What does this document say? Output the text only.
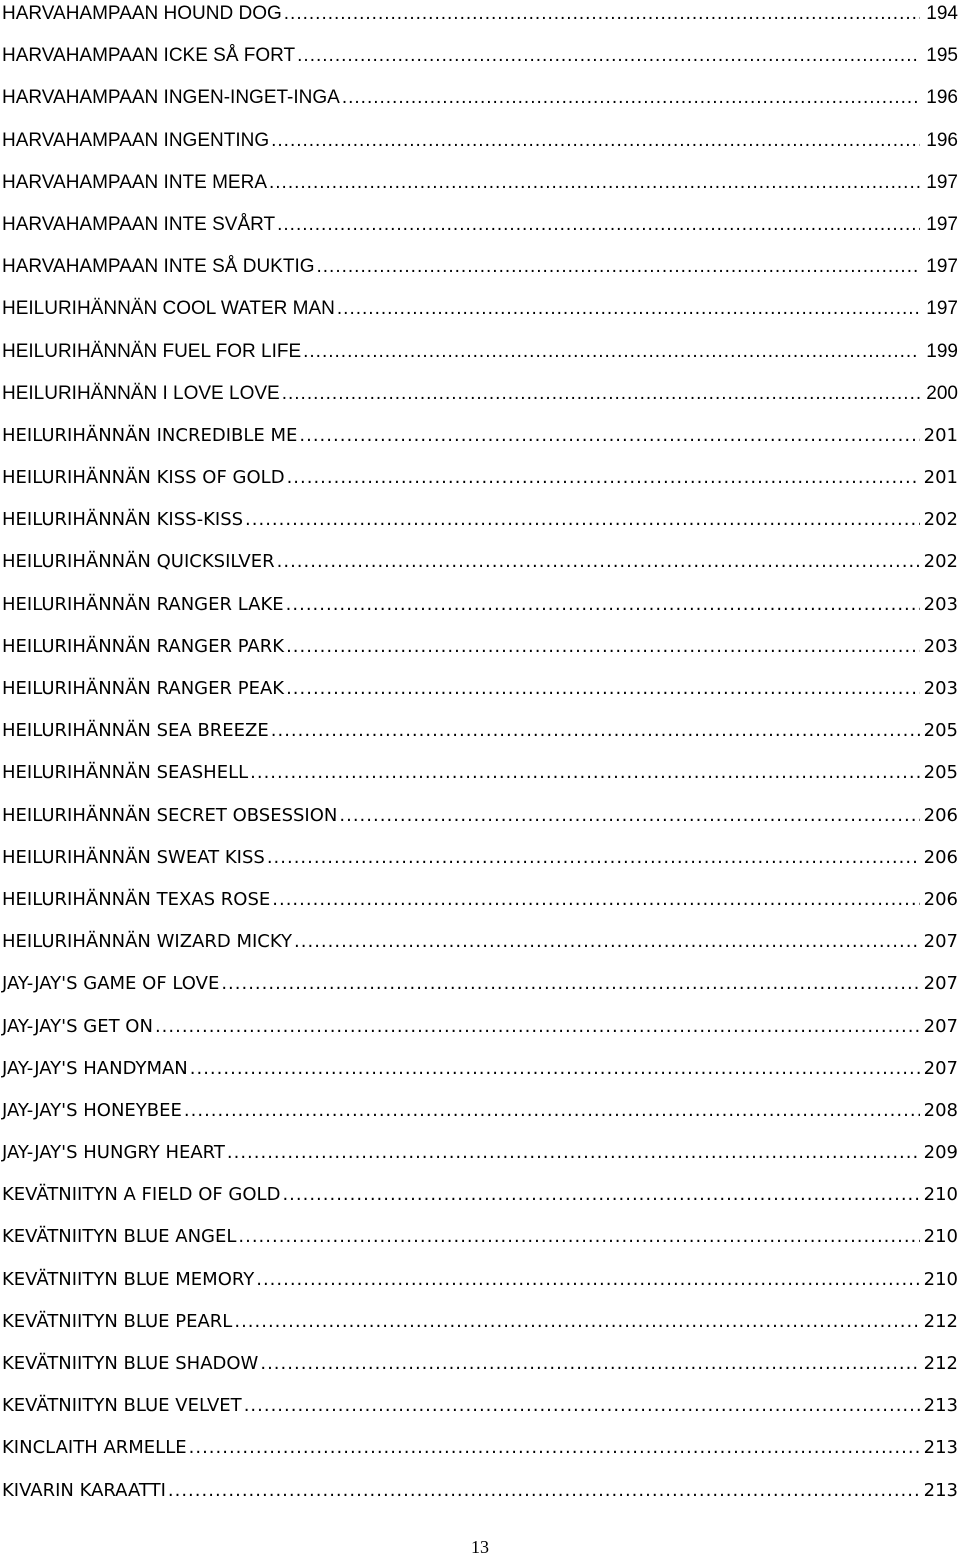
HARVAHAMPAAN HOUND DOG .....	194
HARVAHAMPAAN ICKE SÅ FORT .....	195
HARVAHAMPAAN INGEN-INGET-INGA .....	196
HARVAHAMPAAN INGENTING .....	196
HARVAHAMPAAN INTE MERA .....	197
HARVAHAMPAAN INTE SVÅRT .....	197
HARVAHAMPAAN INTE SÅ DUKTIG .....	197
HEILURIHÄNNÄN COOL WATER MAN .....	197
HEILURIHÄNNÄN FUEL FOR LIFE .....	199
HEILURIHÄNNÄN I LOVE LOVE .....	200
HEILURIHÄNNÄN INCREDIBLE ME .....	201
HEILURIHÄNNÄN KISS OF GOLD .....	201
HEILURIHÄNNÄN KISS-KISS .....	202
HEILURIHÄNNÄN QUICKSILVER .....	202
HEILURIHÄNNÄN RANGER LAKE .....	203
HEILURIHÄNNÄN RANGER PARK .....	203
HEILURIHÄNNÄN RANGER PEAK .....	203
HEILURIHÄNNÄN SEA BREEZE .....	205
HEILURIHÄNNÄN SEASHELL .....	205
HEILURIHÄNNÄN SECRET OBSESSION .....	206
HEILURIHÄNNÄN SWEAT KISS .....	206
HEILURIHÄNNÄN TEXAS ROSE .....	206
HEILURIHÄNNÄN WIZARD MICKY .....	207
JAY-JAY'S GAME OF LOVE .....	207
JAY-JAY'S GET ON .....	207
JAY-JAY'S HANDYMAN .....	207
JAY-JAY'S HONEYBEE .....	208
JAY-JAY'S HUNGRY HEART .....	209
KEVÄTNIITYN A FIELD OF GOLD .....	210
KEVÄTNIITYN BLUE ANGEL .....	210
KEVÄTNIITYN BLUE MEMORY .....	210
KEVÄTNIITYN BLUE PEARL .....	212
KEVÄTNIITYN BLUE SHADOW .....	212
KEVÄTNIITYN BLUE VELVET .....	213
KINCLAITH ARMELLE .....	213
KIVARIN KARAATTI .....	213
13
